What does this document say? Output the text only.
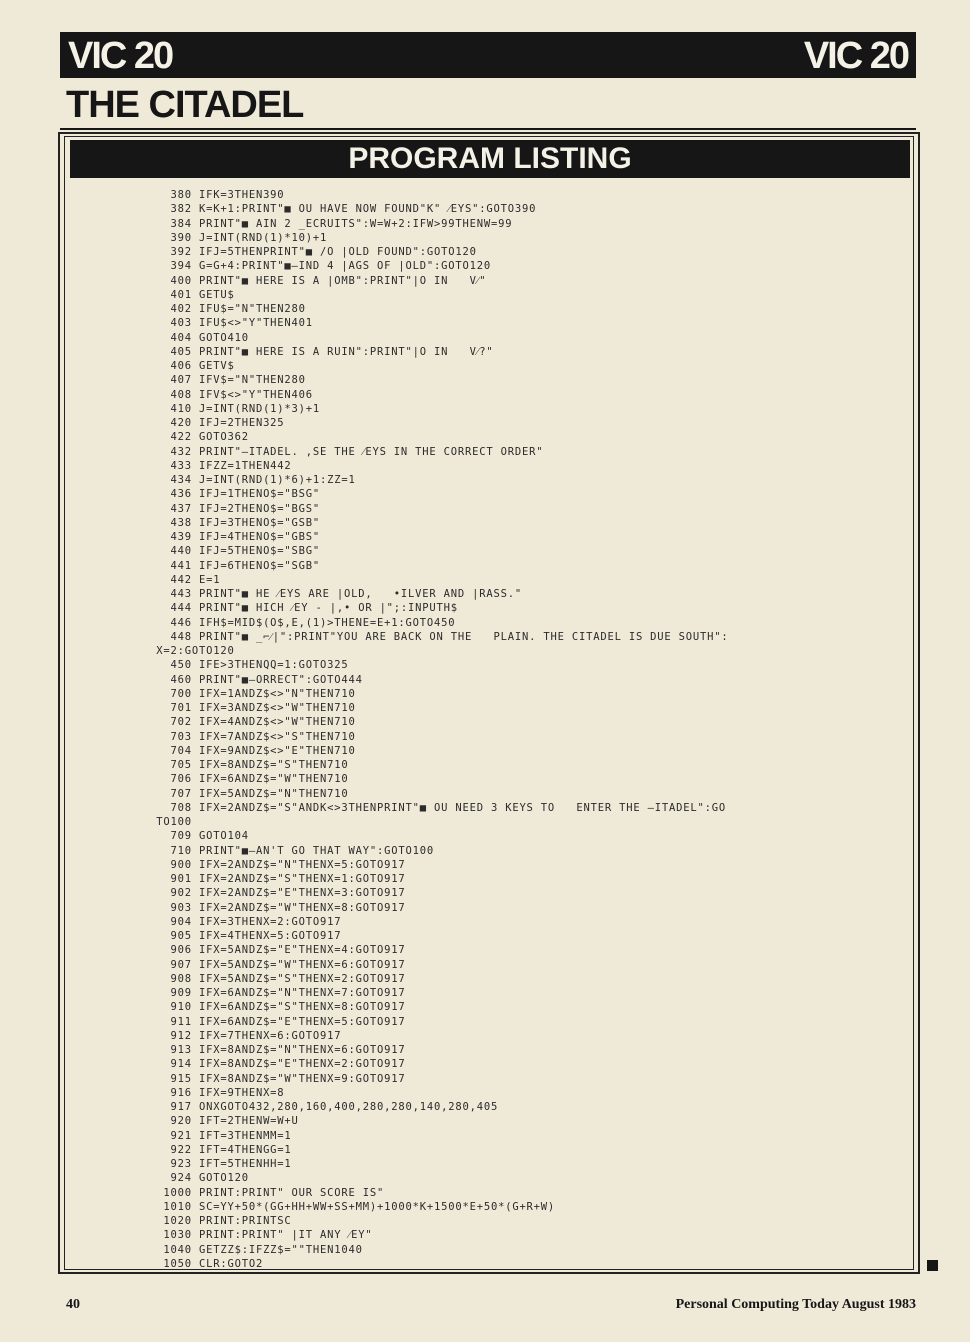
VIC 20	VIC 20
THE CITADEL
PROGRAM LISTING
380 IFK=3THEN390
382 K=K+1:PRINT"■ OU HAVE NOW FOUND"K" ⁄EYS":GOTO390
384 PRINT"■ AIN 2 _ECRUITS":W=W+2:IFW>99THENW=99
390 J=INT(RND(1)*10)+1
392 IFJ=5THENPRINT"■ /O |OLD FOUND":GOTO120
394 G=G+4:PRINT"■—IND 4 |AGS OF |OLD":GOTO120
400 PRINT"■ HERE IS A |OMB":PRINT"|O IN   V⁄"
401 GETU$
402 IFU$="N"THEN280
403 IFU$<>"Y"THEN401
404 GOTO410
405 PRINT"■ HERE IS A RUIN":PRINT"|O IN   V⁄?"
406 GETV$
407 IFV$="N"THEN280
408 IFV$<>"Y"THEN406
410 J=INT(RND(1)*3)+1
420 IFJ=2THEN325
422 GOTO362
432 PRINT"—ITADEL. ,SE THE ⁄EYS IN THE CORRECT ORDER"
433 IFZZ=1THEN442
434 J=INT(RND(1)*6)+1:ZZ=1
436 IFJ=1THENO$="BSG"
437 IFJ=2THENO$="BGS"
438 IFJ=3THENO$="GSB"
439 IFJ=4THENO$="GBS"
440 IFJ=5THENO$="SBG"
441 IFJ=6THENO$="SGB"
442 E=1
443 PRINT"■ HE ⁄EYS ARE |OLD,   •ILVER AND |RASS."
444 PRINT"■ HICH ⁄EY - |,• OR |";:INPUTH$
446 IFH$=MID$(O$,E,(1)>THENE=E+1:GOTO450
448 PRINT"■ _⌐⁄|":PRINT"YOU ARE BACK ON THE   PLAIN. THE CITADEL IS DUE SOUTH":
X=2:GOTO120
450 IFE>3THENQQ=1:GOTO325
460 PRINT"■—ORRECT":GOTO444
700 IFX=1ANDZ$<>"N"THEN710
701 IFX=3ANDZ$<>"W"THEN710
702 IFX=4ANDZ$<>"W"THEN710
703 IFX=7ANDZ$<>"S"THEN710
704 IFX=9ANDZ$<>"E"THEN710
705 IFX=8ANDZ$="S"THEN710
706 IFX=6ANDZ$="W"THEN710
707 IFX=5ANDZ$="N"THEN710
708 IFX=2ANDZ$="S"ANDK<>3THENPRINT"■ OU NEED 3 KEYS TO   ENTER THE —ITADEL":GO
TO100
709 GOTO104
710 PRINT"■—AN'T GO THAT WAY":GOTO100
900 IFX=2ANDZ$="N"THENX=5:GOTO917
901 IFX=2ANDZ$="S"THENX=1:GOTO917
902 IFX=2ANDZ$="E"THENX=3:GOTO917
903 IFX=2ANDZ$="W"THENX=8:GOTO917
904 IFX=3THENX=2:GOTO917
905 IFX=4THENX=5:GOTO917
906 IFX=5ANDZ$="E"THENX=4:GOTO917
907 IFX=5ANDZ$="W"THENX=6:GOTO917
908 IFX=5ANDZ$="S"THENX=2:GOTO917
909 IFX=6ANDZ$="N"THENX=7:GOTO917
910 IFX=6ANDZ$="S"THENX=8:GOTO917
911 IFX=6ANDZ$="E"THENX=5:GOTO917
912 IFX=7THENX=6:GOTO917
913 IFX=8ANDZ$="N"THENX=6:GOTO917
914 IFX=8ANDZ$="E"THENX=2:GOTO917
915 IFX=8ANDZ$="W"THENX=9:GOTO917
916 IFX=9THENX=8
917 ONXGOTO432,280,160,400,280,280,140,280,405
920 IFT=2THENW=W+U
921 IFT=3THENMM=1
922 IFT=4THENGG=1
923 IFT=5THENHH=1
924 GOTO120
1000 PRINT:PRINT" OUR SCORE IS"
1010 SC=YY+50*(GG+HH+WW+SS+MM)+1000*K+1500*E+50*(G+R+W)
1020 PRINT:PRINTSC
1030 PRINT:PRINT" |IT ANY ⁄EY"
1040 GETZZ$:IFZZ$=""THEN1040
1050 CLR:GOTO2
40	Personal Computing Today August 1983
